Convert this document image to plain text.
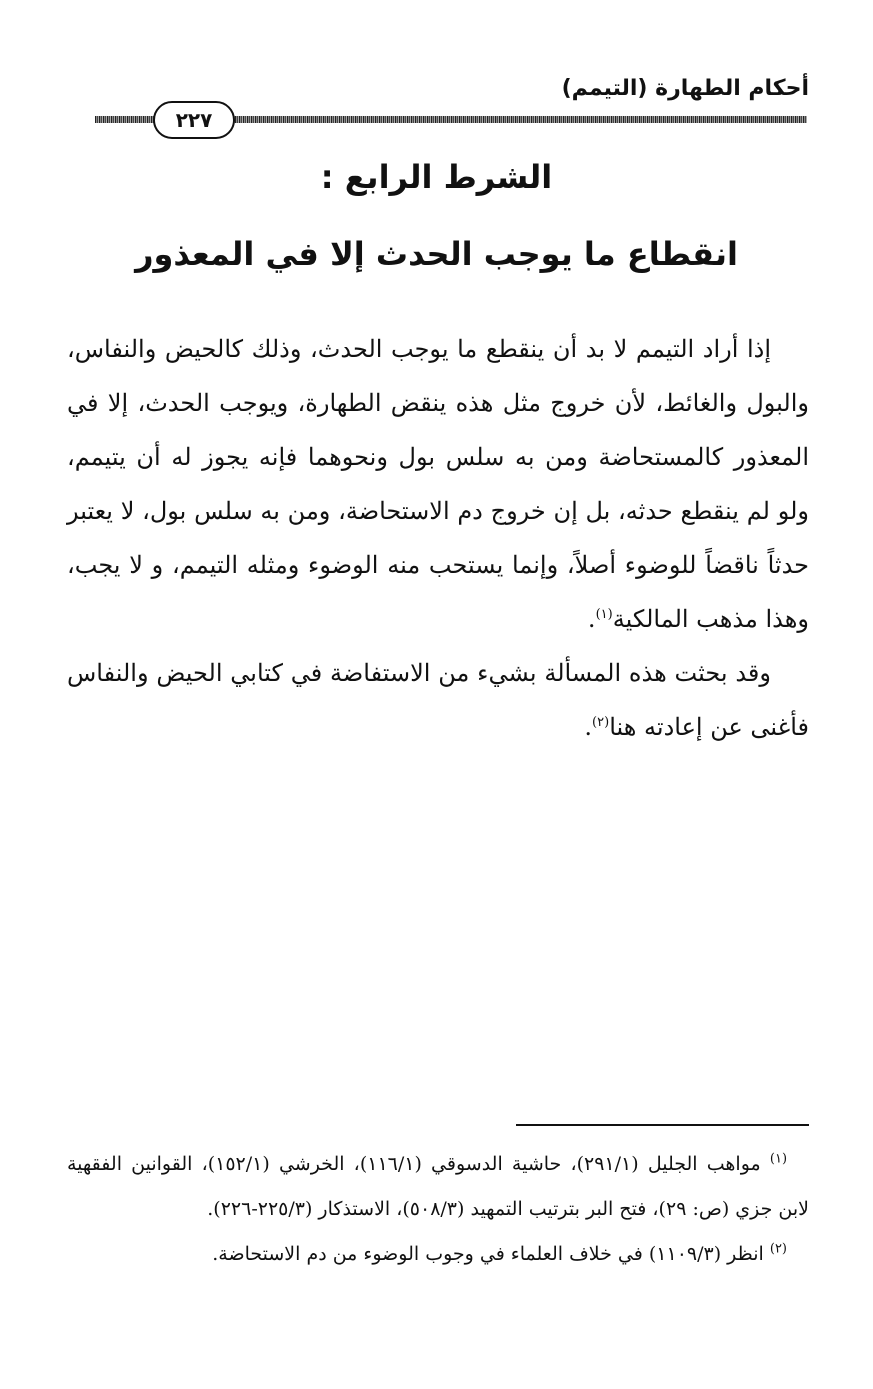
أحكام الطهارة (التيمم)
٢٢٧
الشرط الرابع :
انقطاع ما يوجب الحدث إلا في المعذور

إذا أراد التيمم لا بد أن ينقطع ما يوجب الحدث، وذلك كالحيض والنفاس، والبول والغائط، لأن خروج مثل هذه ينقض الطهارة، ويوجب الحدث، إلا في المعذور كالمستحاضة ومن به سلس بول ونحوهما فإنه يجوز له أن يتيمم، ولو لم ينقطع حدثه، بل إن خروج دم الاستحاضة، ومن به سلس بول، لا يعتبر حدثاً ناقضاً للوضوء أصلاً، وإنما يستحب منه الوضوء ومثله التيمم، و لا يجب، وهذا مذهب المالكية$^{(١)}$.

وقد بحثت هذه المسألة بشيء من الاستفاضة في كتابي الحيض والنفاس فأغنى عن إعادته هنا$^{(٢)}$.

$^{(١)}$ مواهب الجليل (٢٩١/١)، حاشية الدسوقي (١١٦/١)، الخرشي (١٥٢/١)، القوانين الفقهية لابن جزي (ص: ٢٩)، فتح البر بترتيب التمهيد (٥٠٨/٣)، الاستذكار (٢٢٥/٣-٢٢٦).

$^{(٢)}$ انظر (١١٠٩/٣) في خلاف العلماء في وجوب الوضوء من دم الاستحاضة.
